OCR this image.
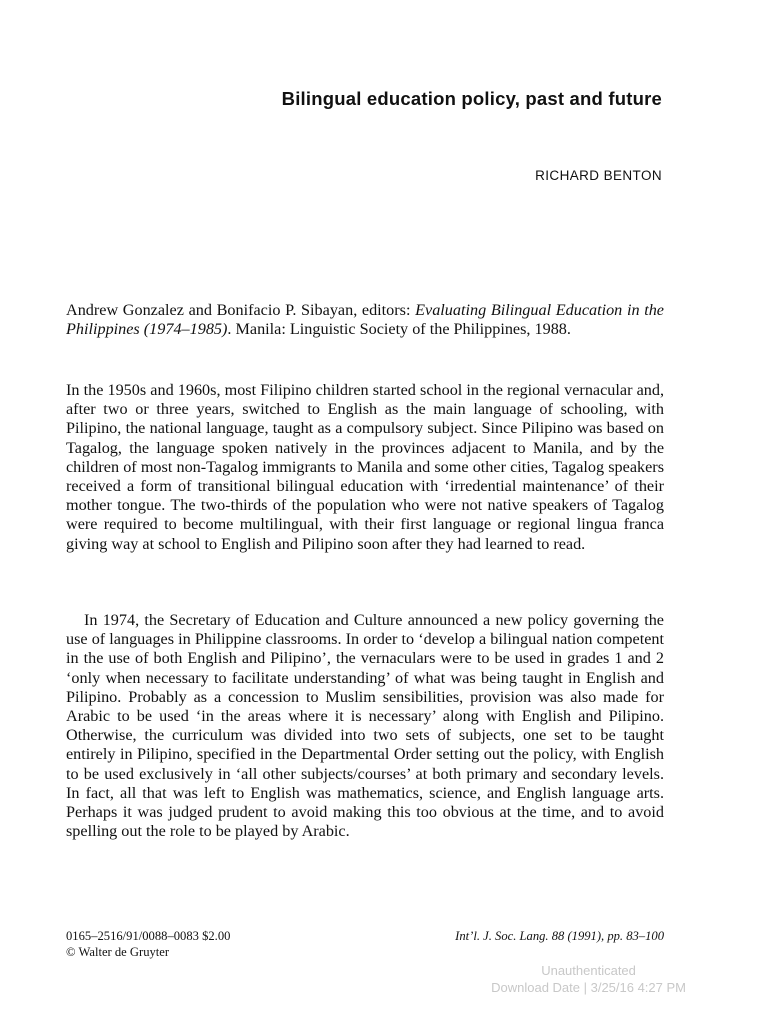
Bilingual education policy, past and future
RICHARD BENTON
Andrew Gonzalez and Bonifacio P. Sibayan, editors: Evaluating Bilingual Education in the Philippines (1974–1985). Manila: Linguistic Society of the Philippines, 1988.
In the 1950s and 1960s, most Filipino children started school in the regional vernacular and, after two or three years, switched to English as the main language of schooling, with Pilipino, the national language, taught as a compulsory subject. Since Pilipino was based on Tagalog, the language spoken natively in the provinces adjacent to Manila, and by the children of most non-Tagalog immigrants to Manila and some other cities, Tagalog speakers received a form of transitional bilingual education with ‘irredential maintenance’ of their mother tongue. The two-thirds of the population who were not native speakers of Tagalog were required to become multilingual, with their first language or regional lingua franca giving way at school to English and Pilipino soon after they had learned to read.
In 1974, the Secretary of Education and Culture announced a new policy governing the use of languages in Philippine classrooms. In order to ‘develop a bilingual nation competent in the use of both English and Pilipino’, the vernaculars were to be used in grades 1 and 2 ‘only when necessary to facilitate understanding’ of what was being taught in English and Pilipino. Probably as a concession to Muslim sensibilities, provision was also made for Arabic to be used ‘in the areas where it is necessary’ along with English and Pilipino. Otherwise, the curriculum was divided into two sets of subjects, one set to be taught entirely in Pilipino, specified in the Departmental Order setting out the policy, with English to be used exclusively in ‘all other subjects/courses’ at both primary and secondary levels. In fact, all that was left to English was mathematics, science, and English language arts. Perhaps it was judged prudent to avoid making this too obvious at the time, and to avoid spelling out the role to be played by Arabic.
0165–2516/91/0088–0083 $2.00
© Walter de Gruyter
Int’l. J. Soc. Lang. 88 (1991), pp. 83–100
Unauthenticated
Download Date | 3/25/16 4:27 PM
